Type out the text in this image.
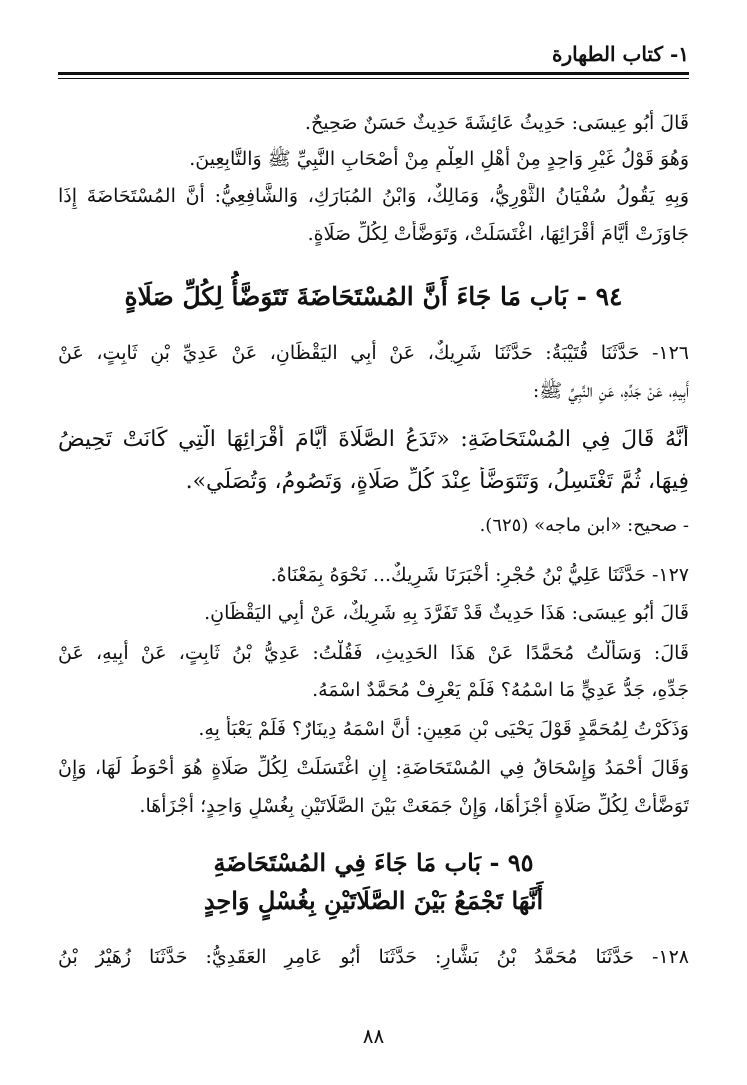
١- كتاب الطهارة
قَالَ أَبُو عِيسَى: حَدِيثُ عَائِشَةَ حَدِيثٌ حَسَنٌ صَحِيحٌ.
وَهُوَ قَوْلُ غَيْرِ وَاحِدٍ مِنْ أَهْلِ العِلْمِ مِنْ أَصْحَابِ النَّبِيِّ ﷺ وَالتَّابِعِينَ.
وَبِهِ يَقُولُ سُفْيَانُ الثَّوْرِيُّ، وَمَالِكٌ، وَابْنُ المُبَارَكِ، وَالشَّافِعِيُّ: أَنَّ المُسْتَحَاضَةَ إِذَا
جَاوَزَتْ أَيَّامَ أَقْرَائِهَا، اغْتَسَلَتْ، وَتَوَضَّأَتْ لِكُلِّ صَلَاةٍ.
٩٤ - بَاب مَا جَاءَ أَنَّ المُسْتَحَاضَةَ تَتَوَضَّأُ لِكُلِّ صَلَاةٍ
١٢٦- حَدَّثَنَا قُتَيْبَةُ: حَدَّثَنَا شَرِيكٌ، عَنْ أَبِي اليَقْظَانِ، عَنْ عَدِيِّ بْنِ ثَابِتٍ، عَنْ
أَبِيهِ، عَنْ جَدِّهِ، عَنِ النَّبِيِّ ﷺ:
أَنَّهُ قَالَ فِي المُسْتَحَاضَةِ: «تَدَعُ الصَّلَاةَ أَيَّامَ أَقْرَائِهَا الَّتِي كَانَتْ تَحِيضُ
فِيهَا، ثُمَّ تَغْتَسِلُ، وَتَتَوَضَّأُ عِنْدَ كُلِّ صَلَاةٍ، وَتَصُومُ، وَتُصَلِّي».
- صحيح: «ابن ماجه» (٦٢٥).
١٢٧- حَدَّثَنَا عَلِيُّ بْنُ حُجْرٍ: أَخْبَرَنَا شَرِيكٌ... نَحْوَهُ بِمَعْنَاهُ.
قَالَ أَبُو عِيسَى: هَذَا حَدِيثٌ قَدْ تَفَرَّدَ بِهِ شَرِيكٌ، عَنْ أَبِي اليَقْظَانِ.
قَالَ: وَسَأَلْتُ مُحَمَّدًا عَنْ هَذَا الحَدِيثِ، فَقُلْتُ: عَدِيُّ بْنُ ثَابِتٍ، عَنْ أَبِيهِ، عَنْ
جَدِّهِ، جَدُّ عَدِيٍّ مَا اسْمُهُ؟ فَلَمْ يَعْرِفْ مُحَمَّدٌ اسْمَهُ.
وَذَكَرْتُ لِمُحَمَّدٍ قَوْلَ يَحْيَى بْنِ مَعِينٍ: أَنَّ اسْمَهُ دِينَارٌ؟ فَلَمْ يَعْبَأْ بِهِ.
وَقَالَ أَحْمَدُ وَإِسْحَاقُ فِي المُسْتَحَاضَةِ: إِنِ اغْتَسَلَتْ لِكُلِّ صَلَاةٍ هُوَ أَحْوَطُ لَهَا، وَإِنْ
تَوَضَّأَتْ لِكُلِّ صَلَاةٍ أَجْزَأَهَا، وَإِنْ جَمَعَتْ بَيْنَ الصَّلَاتَيْنِ بِغُسْلٍ وَاحِدٍ؛ أَجْزَأَهَا.
٩٥ - بَاب مَا جَاءَ فِي المُسْتَحَاضَةِ
أَنَّهَا تَجْمَعُ بَيْنَ الصَّلَاتَيْنِ بِغُسْلٍ وَاحِدٍ
١٢٨- حَدَّثَنَا مُحَمَّدُ بْنُ بَشَّارٍ: حَدَّثَنَا أَبُو عَامِرٍ العَقَدِيُّ: حَدَّثَنَا زُهَيْرُ بْنُ
٨٨
